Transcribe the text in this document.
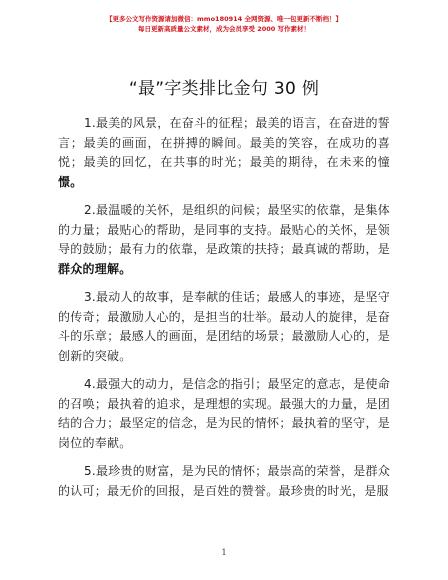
【更多公文写作资源请加微信：mmo180914 全网资源、唯一包更新不断档！】
每日更新高质量公文素材，成为会员享受 2000 写作素材！
“最”字类排比金句 30 例

1.最美的风景，在奋斗的征程；最美的语言，在奋进的誓言；最美的画面，在拼搏的瞬间。最美的笑容，在成功的喜悦；最美的回忆，在共事的时光；最美的期待，在未来的憧憬。

2.最温暖的关怀，是组织的问候；最坚实的依靠，是集体的力量；最贴心的帮助，是同事的支持。最贴心的关怀，是领导的鼓励；最有力的依靠，是政策的扶持；最真诚的帮助，是群众的理解。

3.最动人的故事，是奉献的佳话；最感人的事迹，是坚守的传奇；最激励人心的，是担当的壮举。最动人的旋律，是奋斗的乐章；最感人的画面，是团结的场景；最激励人心的，是创新的突破。

4.最强大的动力，是信念的指引；最坚定的意志，是使命的召唤；最执着的追求，是理想的实现。最强大的力量，是团结的合力；最坚定的信念，是为民的情怀；最执着的坚守，是岗位的奉献。

5.最珍贵的财富，是为民的情怀；最崇高的荣誉，是群众的认可；最无价的回报，是百姓的赞誉。最珍贵的时光，是服

1
